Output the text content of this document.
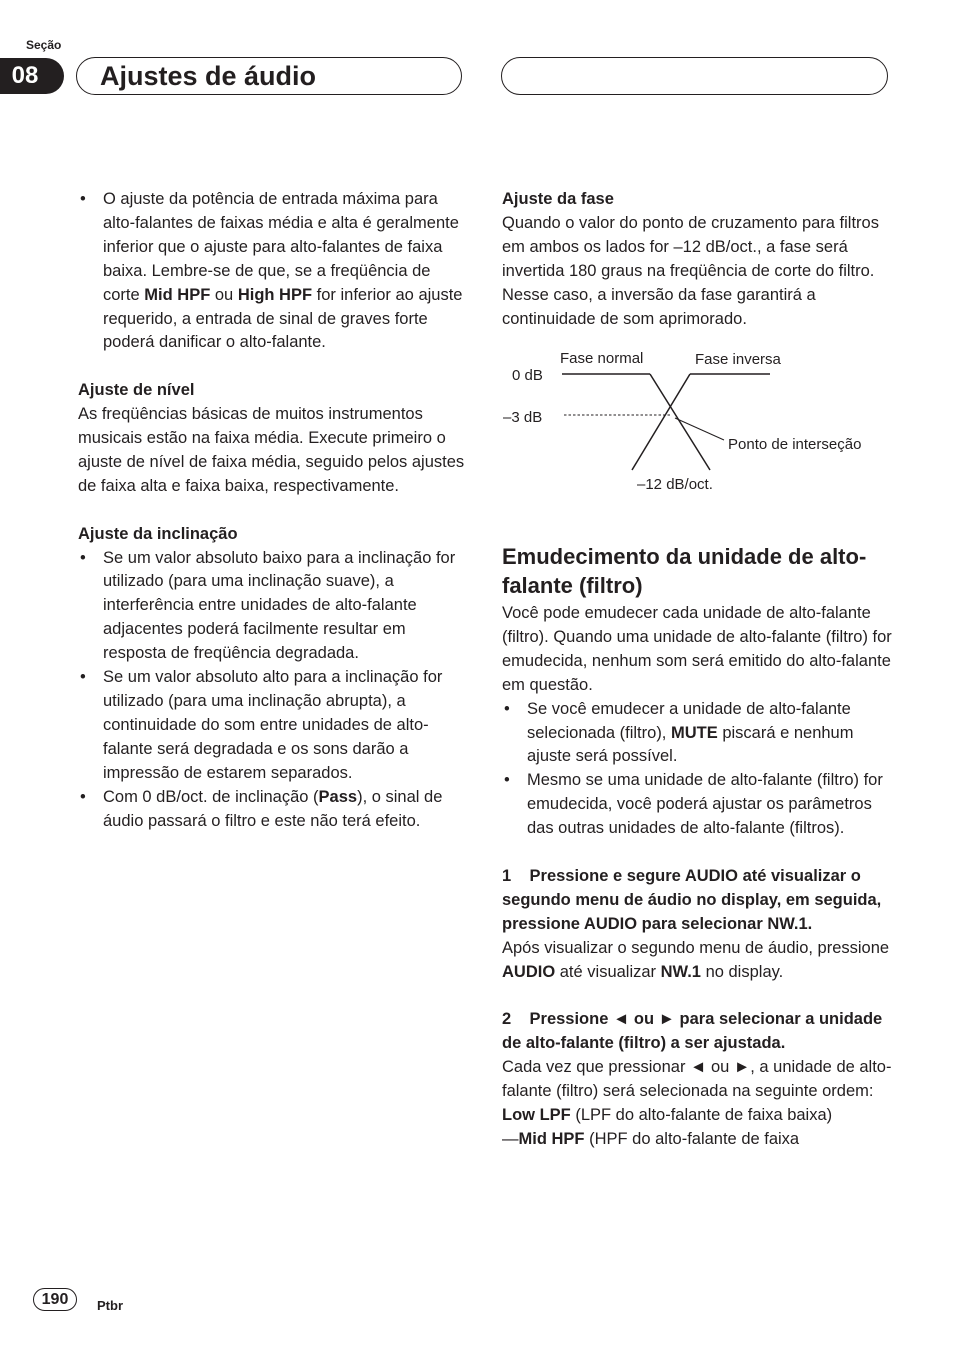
Seção
08	Ajustes de áudio

• O ajuste da potência de entrada máxima para alto-falantes de faixas média e alta é geralmente inferior que o ajuste para alto-falantes de faixa baixa. Lembre-se de que, se a freqüência de corte Mid HPF ou High HPF for inferior ao ajuste requerido, a entrada de sinal de graves forte poderá danificar o alto-falante.

Ajuste de nível

As freqüências básicas de muitos instrumentos musicais estão na faixa média. Execute primeiro o ajuste de nível de faixa média, seguido pelos ajustes de faixa alta e faixa baixa, respectivamente.

Ajuste da inclinação

• Se um valor absoluto baixo para a inclinação for utilizado (para uma inclinação suave), a interferência entre unidades de alto-falante adjacentes poderá facilmente resultar em resposta de freqüência degradada.

• Se um valor absoluto alto para a inclinação for utilizado (para uma inclinação abrupta), a continuidade do som entre unidades de alto-falante será degradada e os sons darão a impressão de estarem separados.

• Com 0 dB/oct. de inclinação (Pass), o sinal de áudio passará o filtro e este não terá efeito.

Ajuste da fase

Quando o valor do ponto de cruzamento para filtros em ambos os lados for –12 dB/oct., a fase será invertida 180 graus na freqüência de corte do filtro. Nesse caso, a inversão da fase garantirá a continuidade de som aprimorado.

Fase normal	Fase inversa
0 dB
–3 dB
Ponto de interseção
–12 dB/oct.
Emudecimento da unidade de alto-falante (filtro)

Você pode emudecer cada unidade de alto-falante (filtro). Quando uma unidade de alto-falante (filtro) for emudecida, nenhum som será emitido do alto-falante em questão.

• Se você emudecer a unidade de alto-falante selecionada (filtro), MUTE piscará e nenhum ajuste será possível.

• Mesmo se uma unidade de alto-falante (filtro) for emudecida, você poderá ajustar os parâmetros das outras unidades de alto-falante (filtros).

1    Pressione e segure AUDIO até visualizar o segundo menu de áudio no display, em seguida, pressione AUDIO para selecionar NW.1.

Após visualizar o segundo menu de áudio, pressione AUDIO até visualizar NW.1 no display.

2    Pressione ◄ ou ► para selecionar a unidade de alto-falante (filtro) a ser ajustada.

Cada vez que pressionar ◄ ou ►, a unidade de alto-falante (filtro) será selecionada na seguinte ordem:

Low LPF (LPF do alto-falante de faixa baixa)

—Mid HPF (HPF do alto-falante de faixa

190	Ptbr
